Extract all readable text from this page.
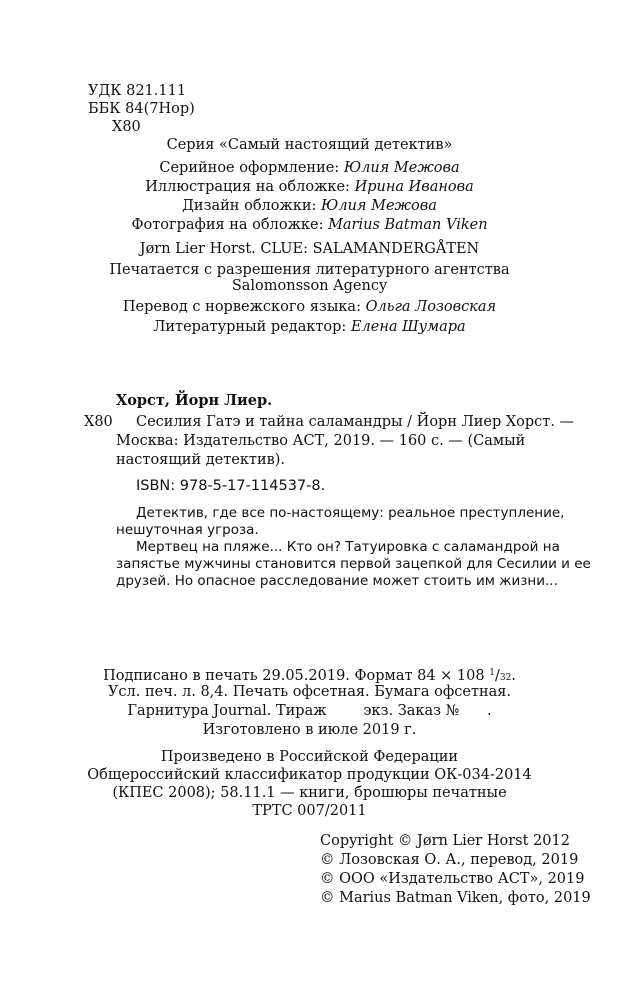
УДК 821.111
ББК 84(7Нор)
Х80
Серия «Самый настоящий детектив»
Серийное оформление: Юлия Межова
Иллюстрация на обложке: Ирина Иванова
Дизайн обложки: Юлия Межова
Фотография на обложке: Marius Batman Viken
Jørn Lier Horst. CLUE: SALAMANDERGÅTEN
Печатается с разрешения литературного агентства
Salomonsson Agency
Перевод с норвежского языка: Ольга Лозовская
Литературный редактор: Елена Шумара
Хорст, Йорн Лиер.
Х80 Сесилия Гатэ и тайна саламандры / Йорн Лиер Хорст. —
Москва: Издательство АСТ, 2019. — 160 с. — (Самый
настоящий детектив).
ISBN: 978-5-17-114537-8.
Детектив, где все по-настоящему: реальное преступление,
нешуточная угроза.
Мертвец на пляже... Кто он? Татуировка с саламандрой на
запястье мужчины становится первой зацепкой для Сесилии и ее
друзей. Но опасное расследование может стоить им жизни...
Подписано в печать 29.05.2019. Формат 84 × 108 $^1$/32.
Усл. печ. л. 8,4. Печать офсетная. Бумага офсетная.
Гарнитура Journal. Тираж        экз. Заказ №      .
Изготовлено в июле 2019 г.
Произведено в Российской Федерации
Общероссийский классификатор продукции ОК-034-2014
(КПЕС 2008); 58.11.1 — книги, брошюры печатные
ТРТС 007/2011
Copyright © Jørn Lier Horst 2012
© Лозовская О. А., перевод, 2019
© ООО «Издательство АСТ», 2019
© Marius Batman Viken, фото, 2019
